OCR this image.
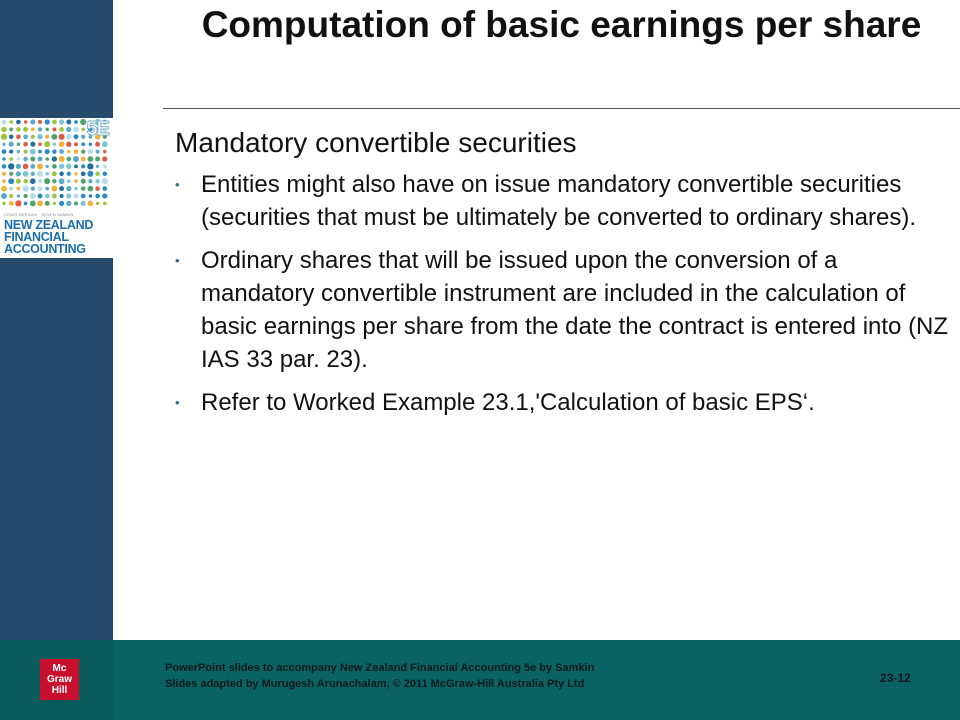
5E
CRAIG DEEGAN · SEVEN SAMKIN
NEW ZEALAND
FINANCIAL
ACCOUNTING
Computation of basic earnings per share
Mandatory convertible securities
• Entities might also have on issue mandatory convertible securities (securities that must be ultimately be converted to ordinary shares).
• Ordinary shares that will be issued upon the conversion of a mandatory convertible instrument are included in the calculation of basic earnings per share from the date the contract is entered into (NZ IAS 33 par. 23).
• Refer to Worked Example 23.1,'Calculation of basic EPS‘.
Mc
Graw
Hill
PowerPoint slides to accompany New Zealand Financial Accounting 5e by Samkin
Slides adapted by Murugesh Arunachalam, © 2011 McGraw-Hill Australia Pty Ltd	23-12
